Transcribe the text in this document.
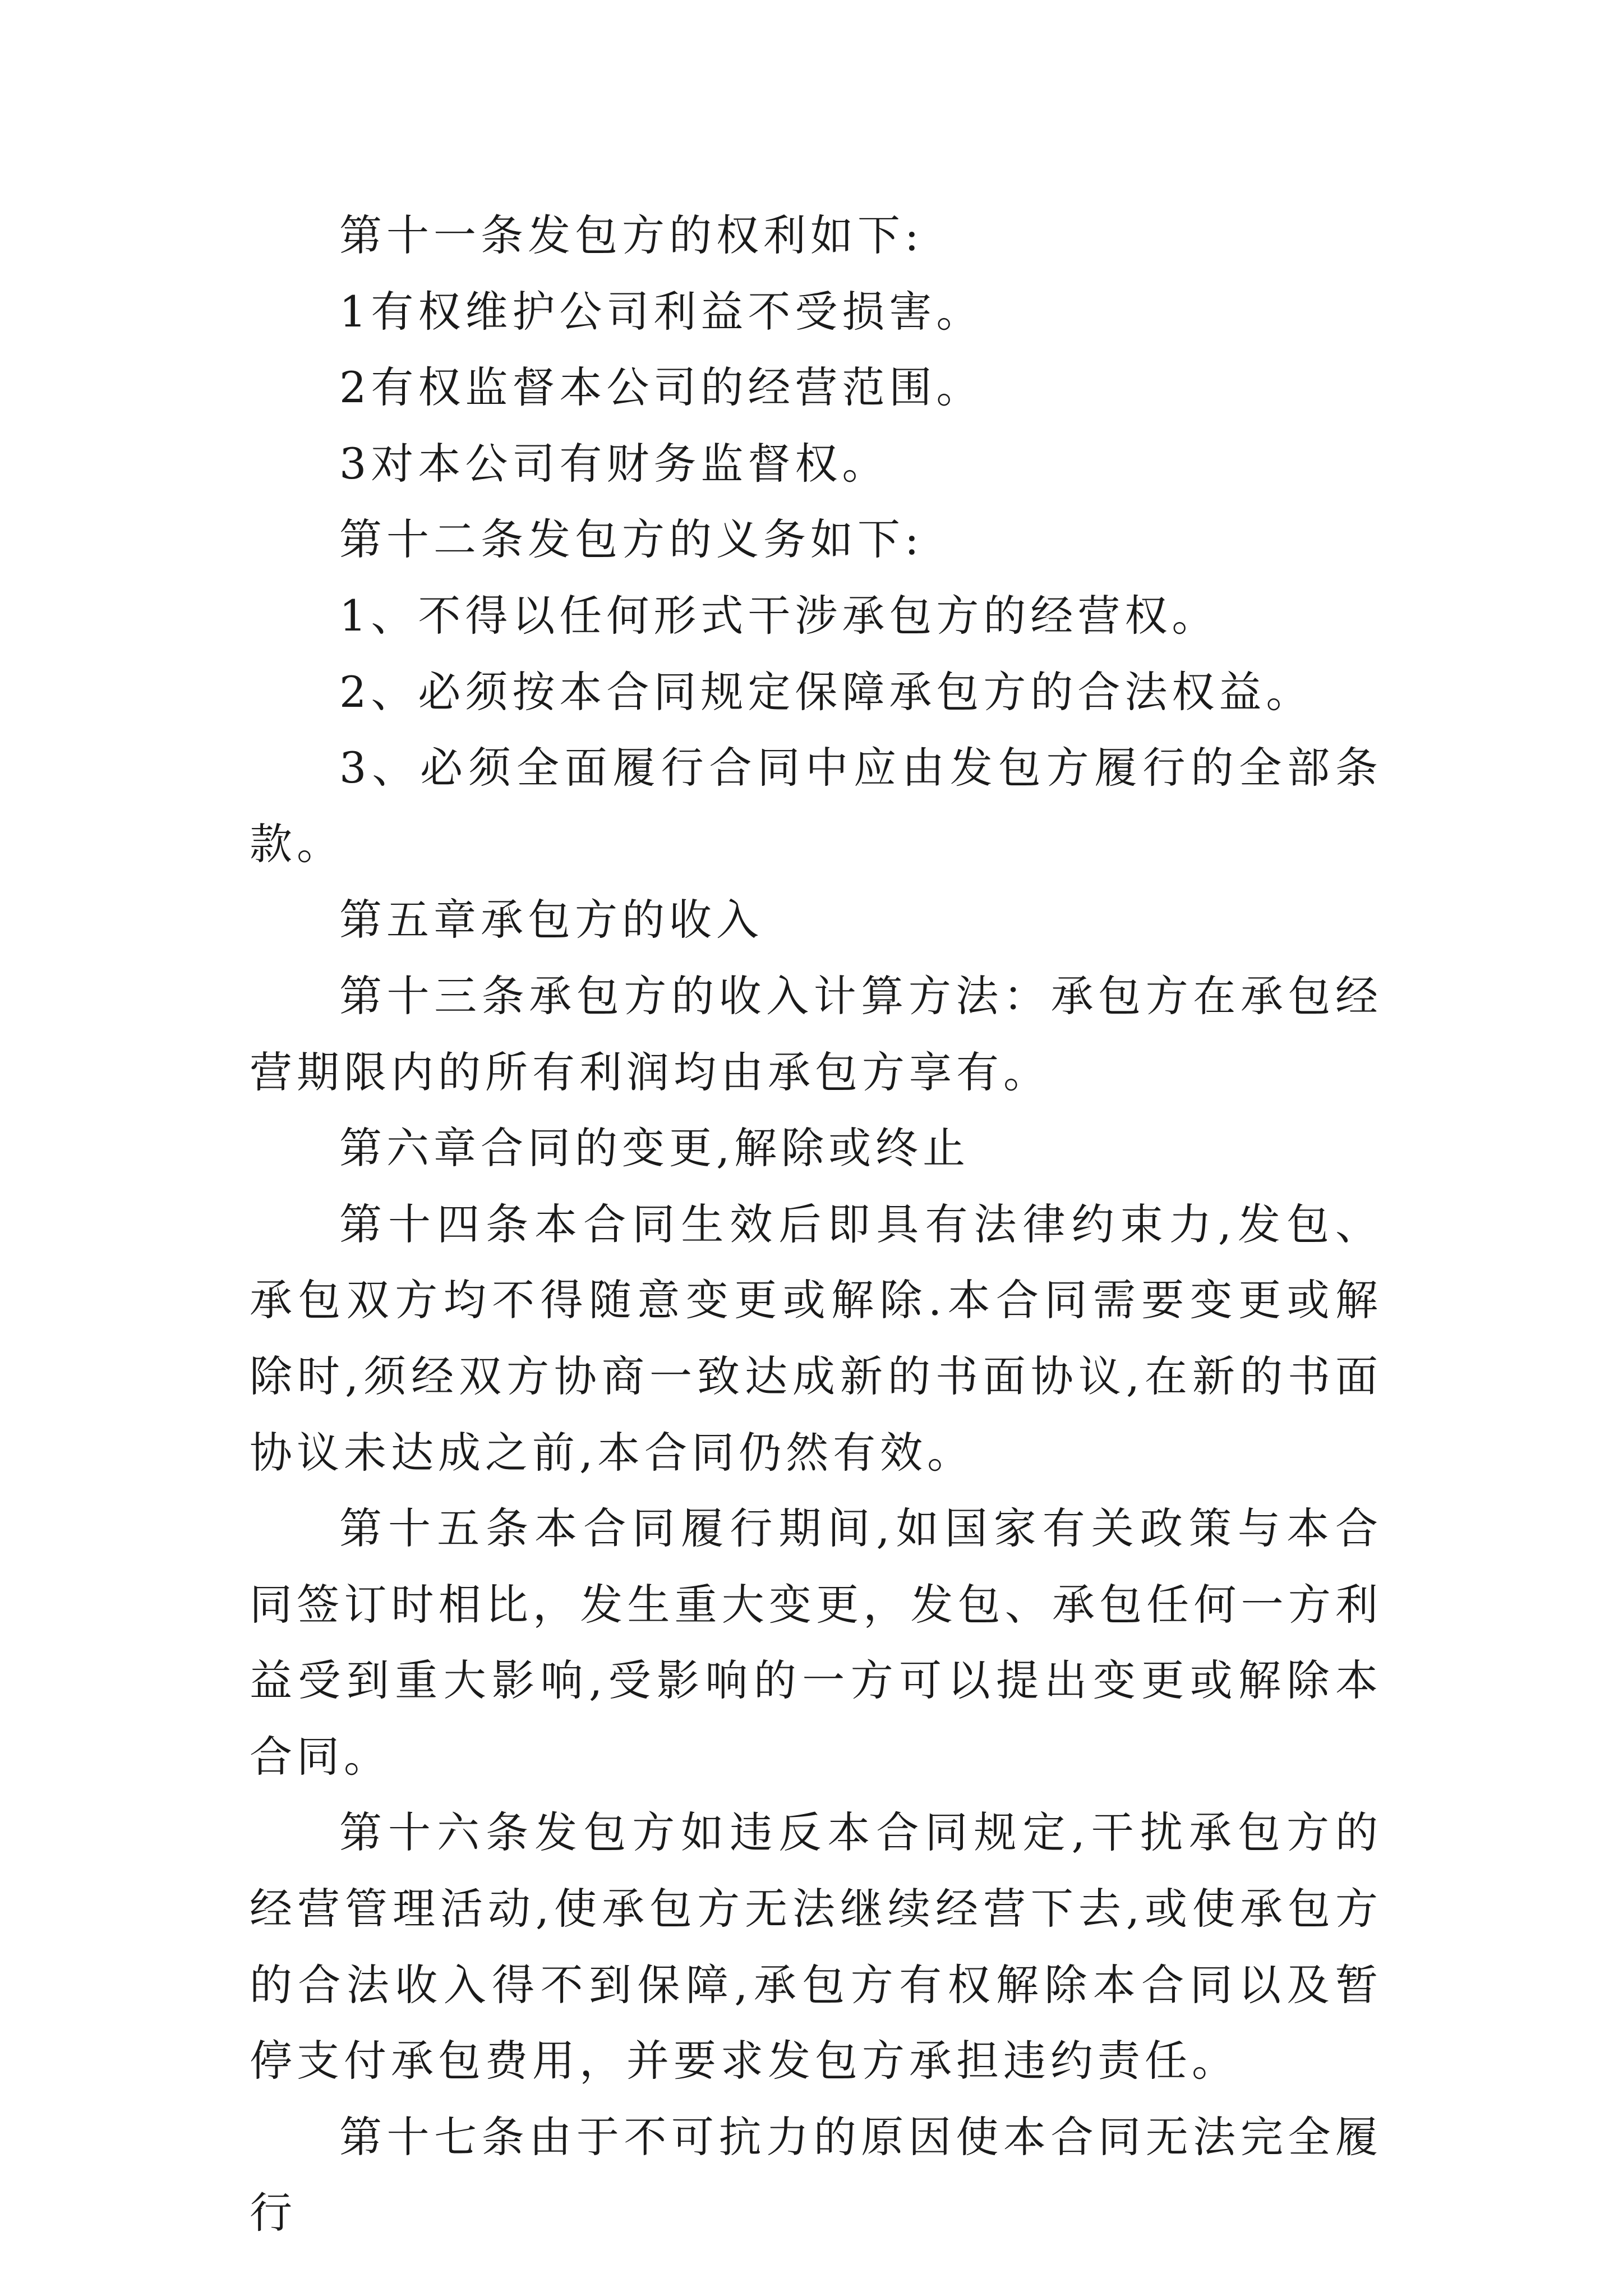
第十一条发包方的权利如下:

1有权维护公司利益不受损害。

2有权监督本公司的经营范围。

3对本公司有财务监督权。

第十二条发包方的义务如下:

1、不得以任何形式干涉承包方的经营权。

2、必须按本合同规定保障承包方的合法权益。

3、必须全面履行合同中应由发包方履行的全部条款。

第五章承包方的收入

第十三条承包方的收入计算方法：承包方在承包经营期限内的所有利润均由承包方享有。

第六章合同的变更,解除或终止

第十四条本合同生效后即具有法律约束力,发包、承包双方均不得随意变更或解除.本合同需要变更或解除时,须经双方协商一致达成新的书面协议,在新的书面协议未达成之前,本合同仍然有效。

第十五条本合同履行期间,如国家有关政策与本合同签订时相比，发生重大变更，发包、承包任何一方利益受到重大影响,受影响的一方可以提出变更或解除本合同。

第十六条发包方如违反本合同规定,干扰承包方的经营管理活动,使承包方无法继续经营下去,或使承包方的合法收入得不到保障,承包方有权解除本合同以及暂停支付承包费用，并要求发包方承担违约责任。

第十七条由于不可抗力的原因使本合同无法完全履行
